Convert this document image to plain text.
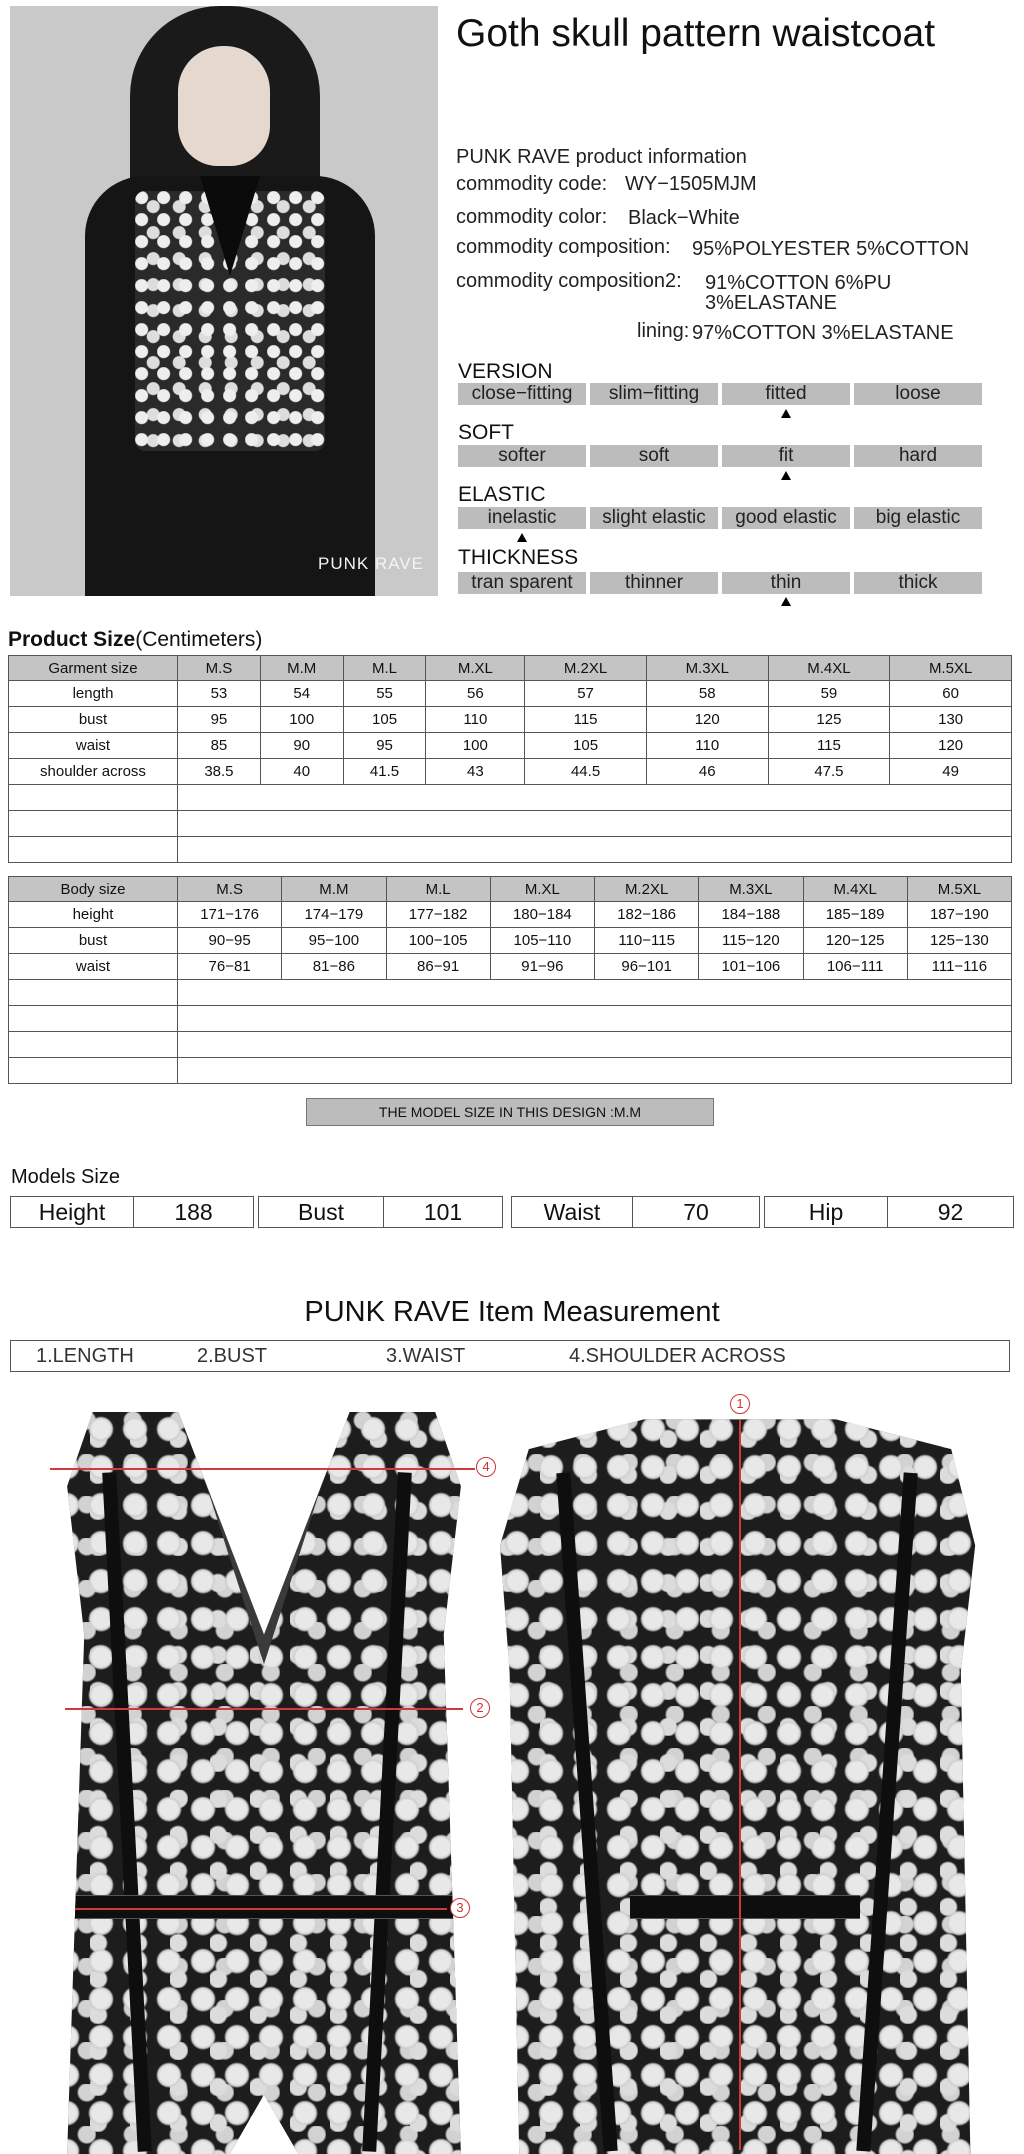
PUNK RAVE
Goth skull pattern waistcoat
PUNK RAVE product information
commodity code: WY−1505MJM
commodity color: Black−White
commodity composition: 95%POLYESTER 5%COTTON
commodity composition2: 91%COTTON 6%PU
3%ELASTANE
lining: 97%COTTON 3%ELASTANE
VERSION
close−fitting	slim−fitting	fitted	loose
SOFT
softer	soft	fit	hard
ELASTIC
inelastic	slight elastic	good elastic	big elastic
THICKNESS
tran sparent	thinner	thin	thick
Product Size(Centimeters)
Garment size	M.S	M.M	M.L	M.XL	M.2XL	M.3XL	M.4XL	M.5XL
length	53	54	55	56	57	58	59	60
bust	95	100	105	110	115	120	125	130
waist	85	90	95	100	105	110	115	120
shoulder across	38.5	40	41.5	43	44.5	46	47.5	49

Body size	M.S	M.M	M.L	M.XL	M.2XL	M.3XL	M.4XL	M.5XL
height	171−176	174−179	177−182	180−184	182−186	184−188	185−189	187−190
bust	90−95	95−100	100−105	105−110	110−115	115−120	120−125	125−130
waist	76−81	81−86	86−91	91−96	96−101	101−106	106−111	111−116

THE MODEL SIZE IN THIS DESIGN :M.M
Models Size
Height	188	Bust	101	Waist	70	Hip	92
PUNK RAVE Item Measurement
1.LENGTH	2.BUST	3.WAIST	4.SHOULDER ACROSS
4
2
3
1
